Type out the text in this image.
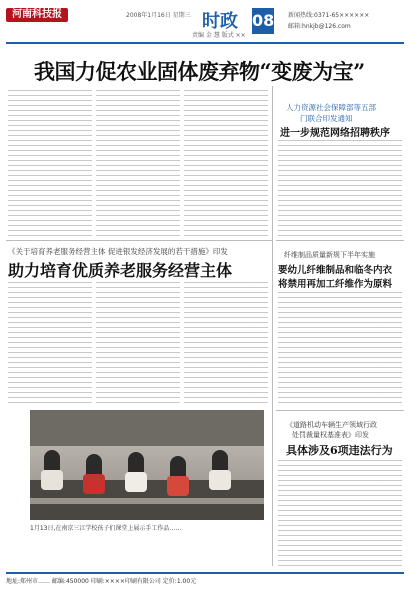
河南科技报	2008年1月16日 星期三 时政
责编 金 慧 版式 ××
08 新闻热线:0371-65××××××
邮箱:hnkjb@126.com
我国力促农业固体废弃物“变废为宝”
人力资源社会保障部等五部
门联合印发通知
进一步规范网络招聘秩序
《关于培育养老服务经营主体 促进银发经济发展的若干措施》印发
助力培育优质养老服务经营主体
纤维制品质量新规下半年实施
要幼儿纤维制品和临冬内衣
将禁用再加工纤维作为原料
《道路机动车辆生产领域行政
处罚裁量权基准表》印发
具体涉及6项违法行为
1月13日,在南京三江学校孩子们课堂上展示手工作品……
地址:郑州市…… 邮编:450000 印刷:××××印刷有限公司 定价:1.00元
